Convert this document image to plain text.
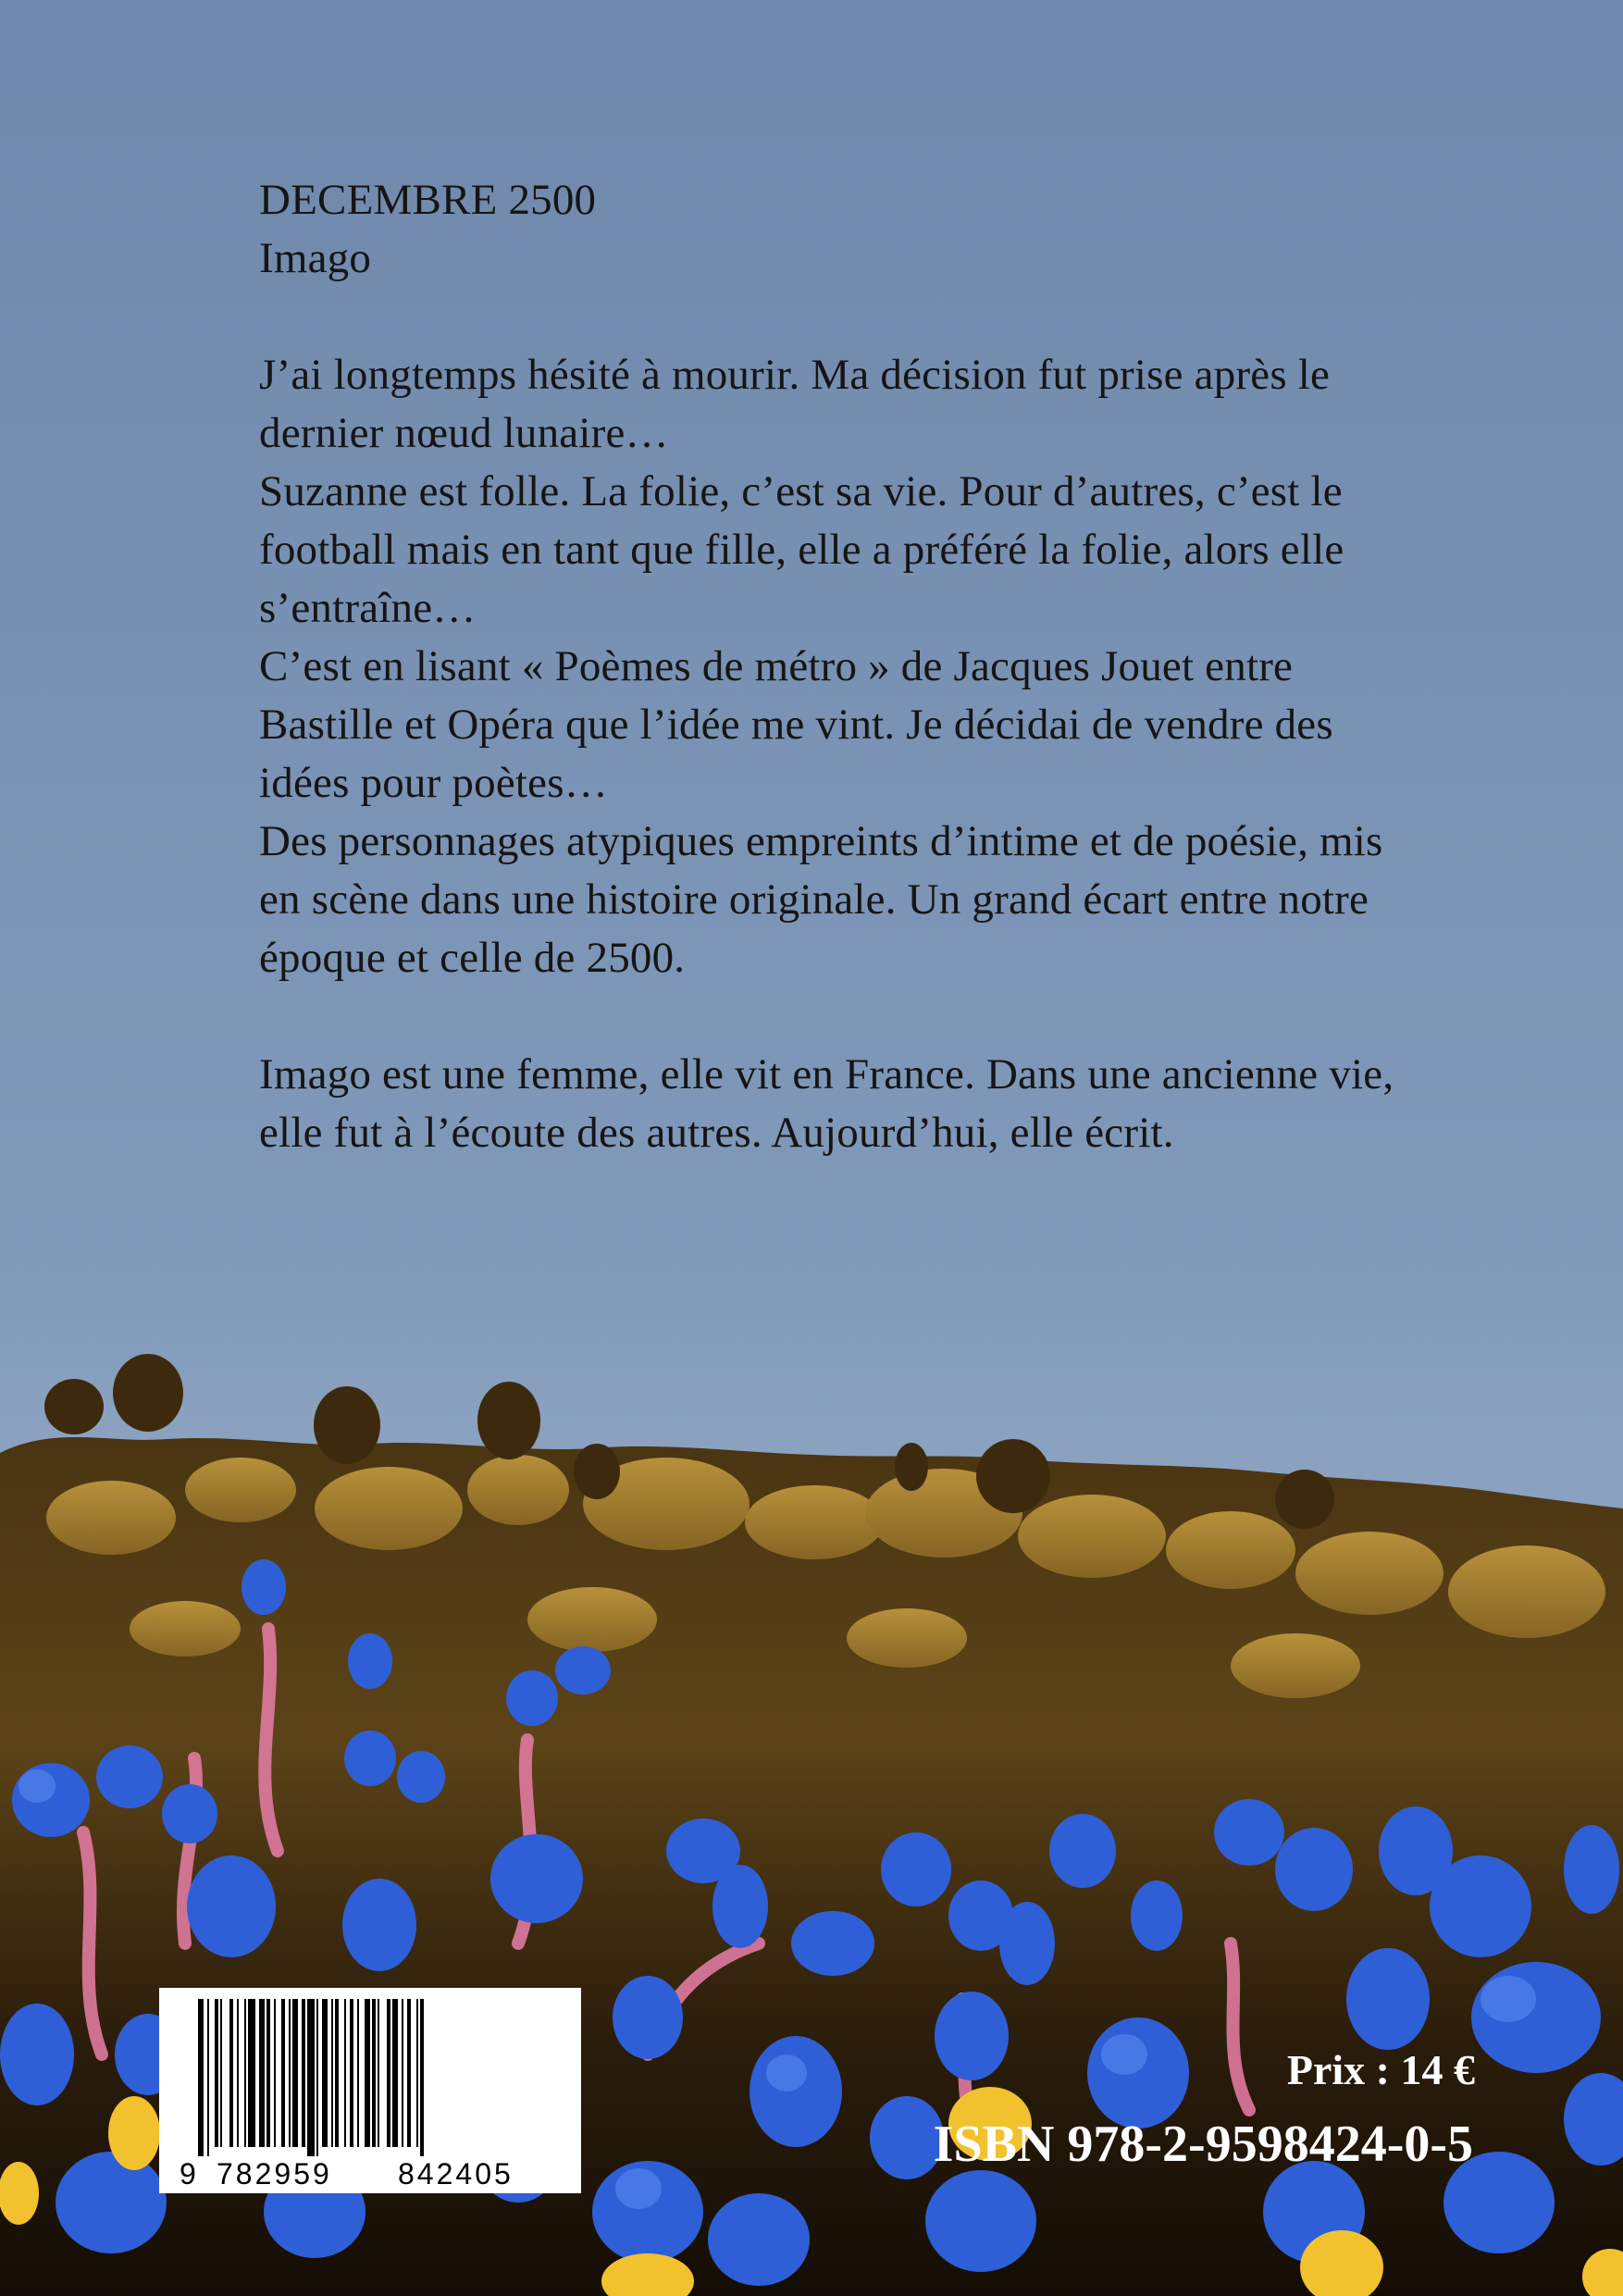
DECEMBRE 2500

Imago

J’ai longtemps hésité à mourir. Ma décision fut prise après le dernier nœud lunaire…

Suzanne est folle. La folie, c’est sa vie. Pour d’autres, c’est le football mais en tant que fille, elle a préféré la folie, alors elle s’entraîne…

C’est en lisant « Poèmes de métro » de Jacques Jouet entre Bastille et Opéra que l’idée me vint. Je décidai de vendre des idées pour poètes…

Des personnages atypiques empreints d’intime et de poésie, mis en scène dans une histoire originale. Un grand écart entre notre époque et celle de 2500.

Imago est une femme, elle vit en France. Dans une ancienne vie, elle fut à l’écoute des autres. Aujourd’hui, elle écrit.

9 782959 842405
Prix : 14 €
ISBN 978-2-9598424-0-5
